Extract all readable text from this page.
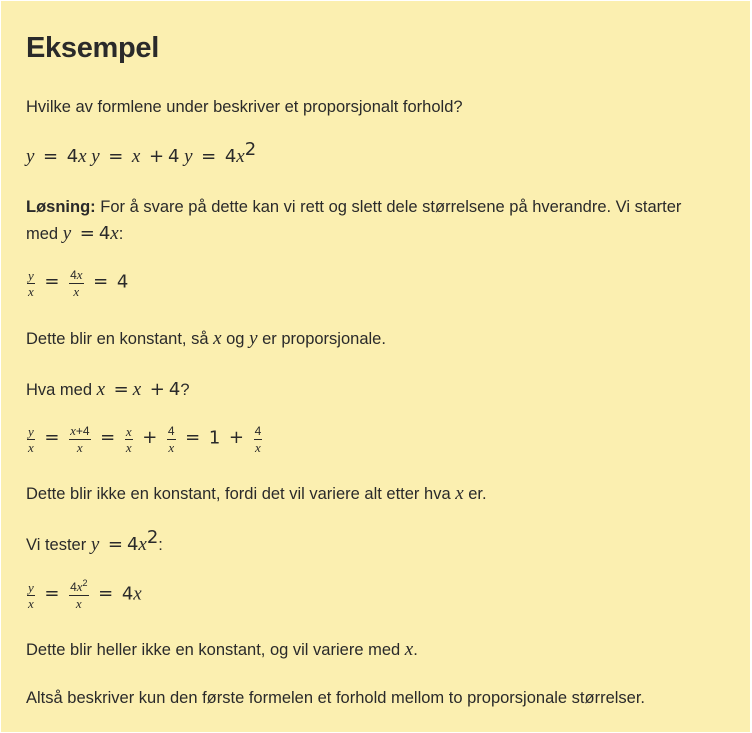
Eksempel
Hvilke av formlene under beskriver et proporsjonalt forhold?
y = 4x y = x + 4 $y = 4x^2$
Løsning: For å svare på dette kan vi rett og slett dele størrelsene på hverandre. Vi starter
med y = 4x:
$\frac{y}{x} = \frac{4x}{x} = 4$
Dette blir en konstant, så x og y er proporsjonale.
Hva med x = x + 4?
$\frac{y}{x} = \frac{x+4}{x} = \frac{x}{x} + \frac{4}{x} = 1 + \frac{4}{x}$
Dette blir ikke en konstant, fordi det vil variere alt etter hva x er.
Vi tester $y = 4x^2$:
$\frac{y}{x} = \frac{4x^2}{x} = 4x$
Dette blir heller ikke en konstant, og vil variere med x.
Altså beskriver kun den første formelen et forhold mellom to proporsjonale størrelser.
